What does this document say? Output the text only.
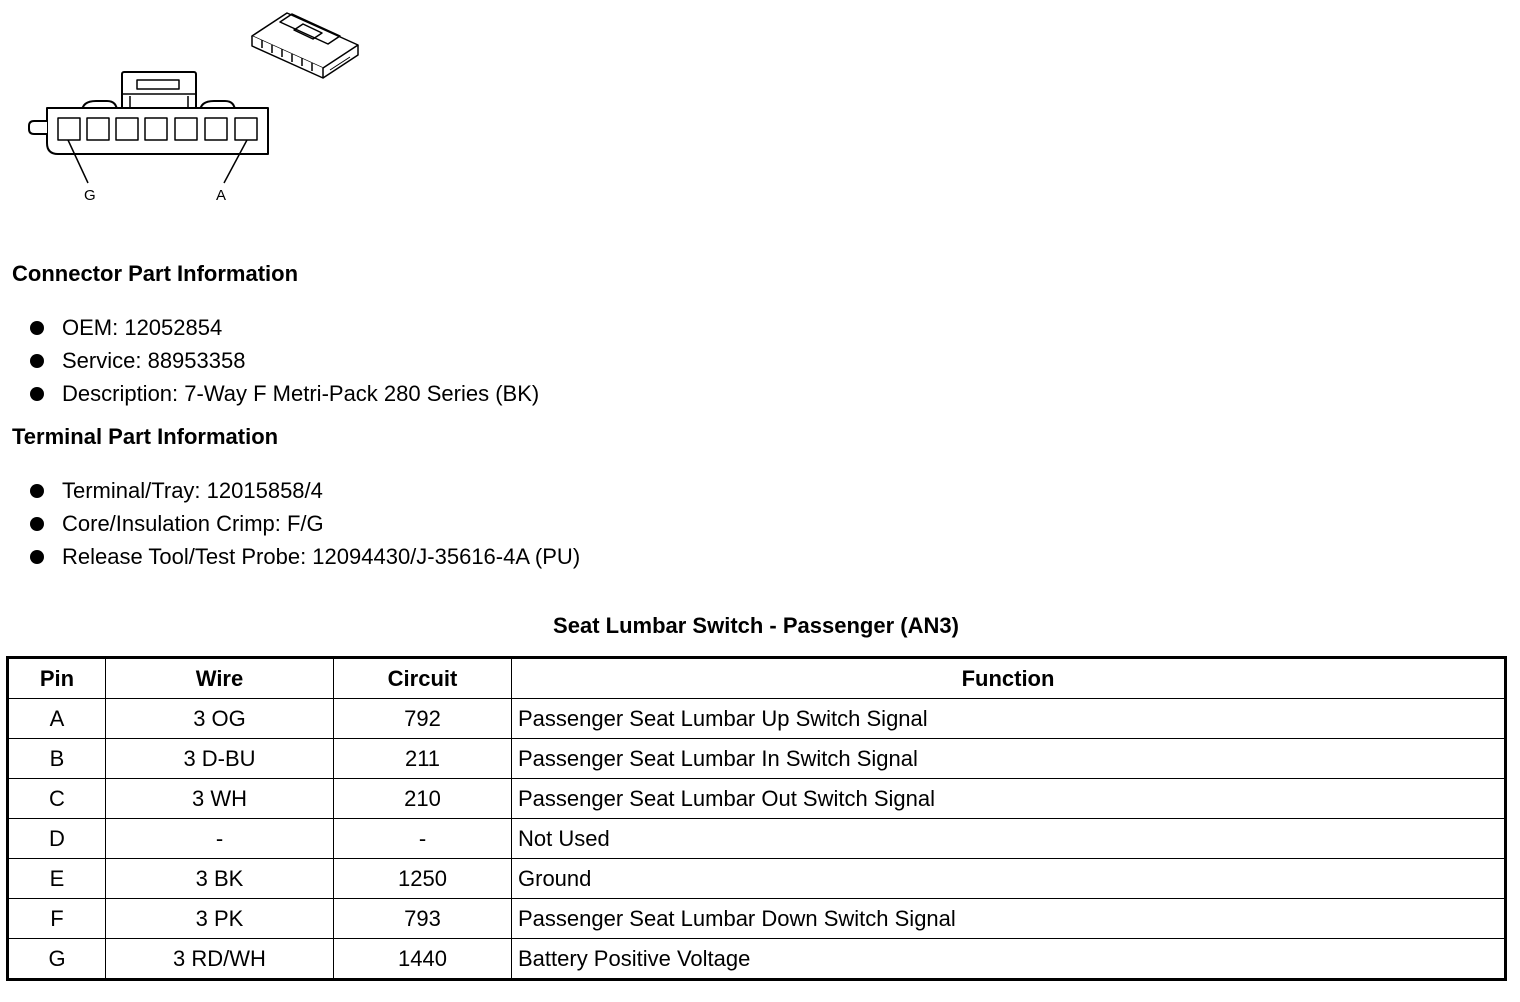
G	A
Connector Part Information
OEM: 12052854
Service: 88953358
Description: 7-Way F Metri-Pack 280 Series (BK)
Terminal Part Information
Terminal/Tray: 12015858/4
Core/Insulation Crimp: F/G
Release Tool/Test Probe: 12094430/J-35616-4A (PU)
Seat Lumbar Switch - Passenger (AN3)
Pin	Wire	Circuit	Function
A	3 OG	792	Passenger Seat Lumbar Up Switch Signal
B	3 D-BU	211	Passenger Seat Lumbar In Switch Signal
C	3 WH	210	Passenger Seat Lumbar Out Switch Signal
D	-	-	Not Used
E	3 BK	1250	Ground
F	3 PK	793	Passenger Seat Lumbar Down Switch Signal
G	3 RD/WH	1440	Battery Positive Voltage
